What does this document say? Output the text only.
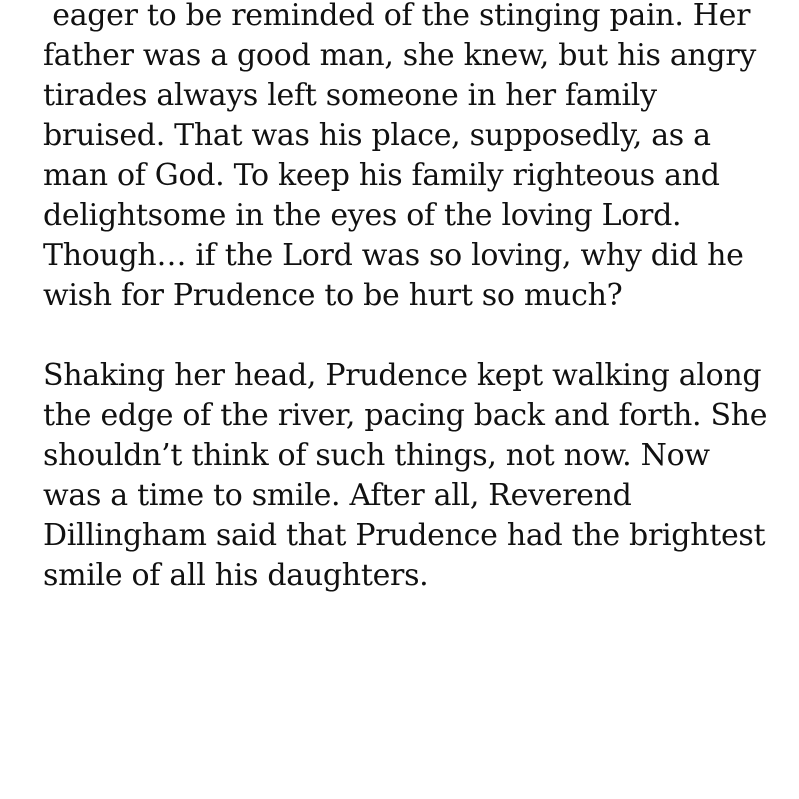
eager to be reminded of the stinging pain. Her
father was a good man, she knew, but his angry
tirades always left someone in her family
bruised. That was his place, supposedly, as a
man of God. To keep his family righteous and
delightsome in the eyes of the loving Lord.
Though… if the Lord was so loving, why did he
wish for Prudence to be hurt so much?
Shaking her head, Prudence kept walking along
the edge of the river, pacing back and forth. She
shouldn’t think of such things, not now. Now
was a time to smile. After all, Reverend
Dillingham said that Prudence had the brightest
smile of all his daughters.
